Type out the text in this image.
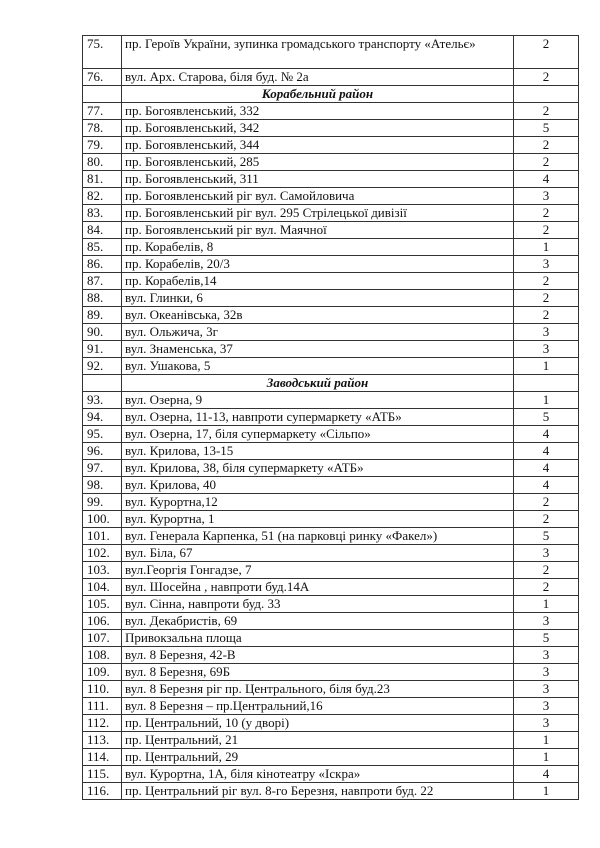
75.	пр. Героїв України, зупинка громадського транспорту «Ательє»	2
76.	вул. Арх. Старова, біля буд. № 2а	2
	Корабельний район	
77.	пр. Богоявленський, 332	2
78.	пр. Богоявленський, 342	5
79.	пр. Богоявленський, 344	2
80.	пр. Богоявленський, 285	2
81.	пр. Богоявленський, 311	4
82.	пр. Богоявленський ріг вул. Самойловича	3
83.	пр. Богоявленський ріг вул. 295 Стрілецької дивізії	2
84.	пр. Богоявленський ріг вул. Маячної	2
85.	пр. Корабелів, 8	1
86.	пр. Корабелів, 20/3	3
87.	пр. Корабелів,14	2
88.	вул. Глинки, 6	2
89.	вул. Океанівська, 32в	2
90.	вул. Ольжича, 3г	3
91.	вул. Знаменська, 37	3
92.	вул. Ушакова, 5	1
	Заводський район	
93.	вул. Озерна, 9	1
94.	вул. Озерна, 11-13, навпроти супермаркету «АТБ»	5
95.	вул. Озерна, 17, біля супермаркету «Сільпо»	4
96.	вул. Крилова, 13-15	4
97.	вул. Крилова, 38, біля супермаркету «АТБ»	4
98.	вул. Крилова, 40	4
99.	вул. Курортна,12	2
100.	вул. Курортна, 1	2
101.	вул. Генерала Карпенка, 51 (на парковці ринку «Факел»)	5
102.	вул. Біла, 67	3
103.	вул.Георгія Гонгадзе, 7	2
104.	вул. Шосейна , навпроти буд.14А	2
105.	вул. Сінна, навпроти буд. 33	1
106.	вул. Декабристів, 69	3
107.	Привокзальна площа	5
108.	вул. 8 Березня, 42-В	3
109.	вул. 8 Березня, 69Б	3
110.	вул. 8 Березня ріг пр. Центрального, біля буд.23	3
111.	вул. 8 Березня – пр.Центральний,16	3
112.	пр. Центральний, 10 (у дворі)	3
113.	пр. Центральний, 21	1
114.	пр. Центральний, 29	1
115.	вул. Курортна, 1А, біля кінотеатру «Іскра»	4
116.	пр. Центральний ріг вул. 8-го Березня, навпроти буд. 22	1
